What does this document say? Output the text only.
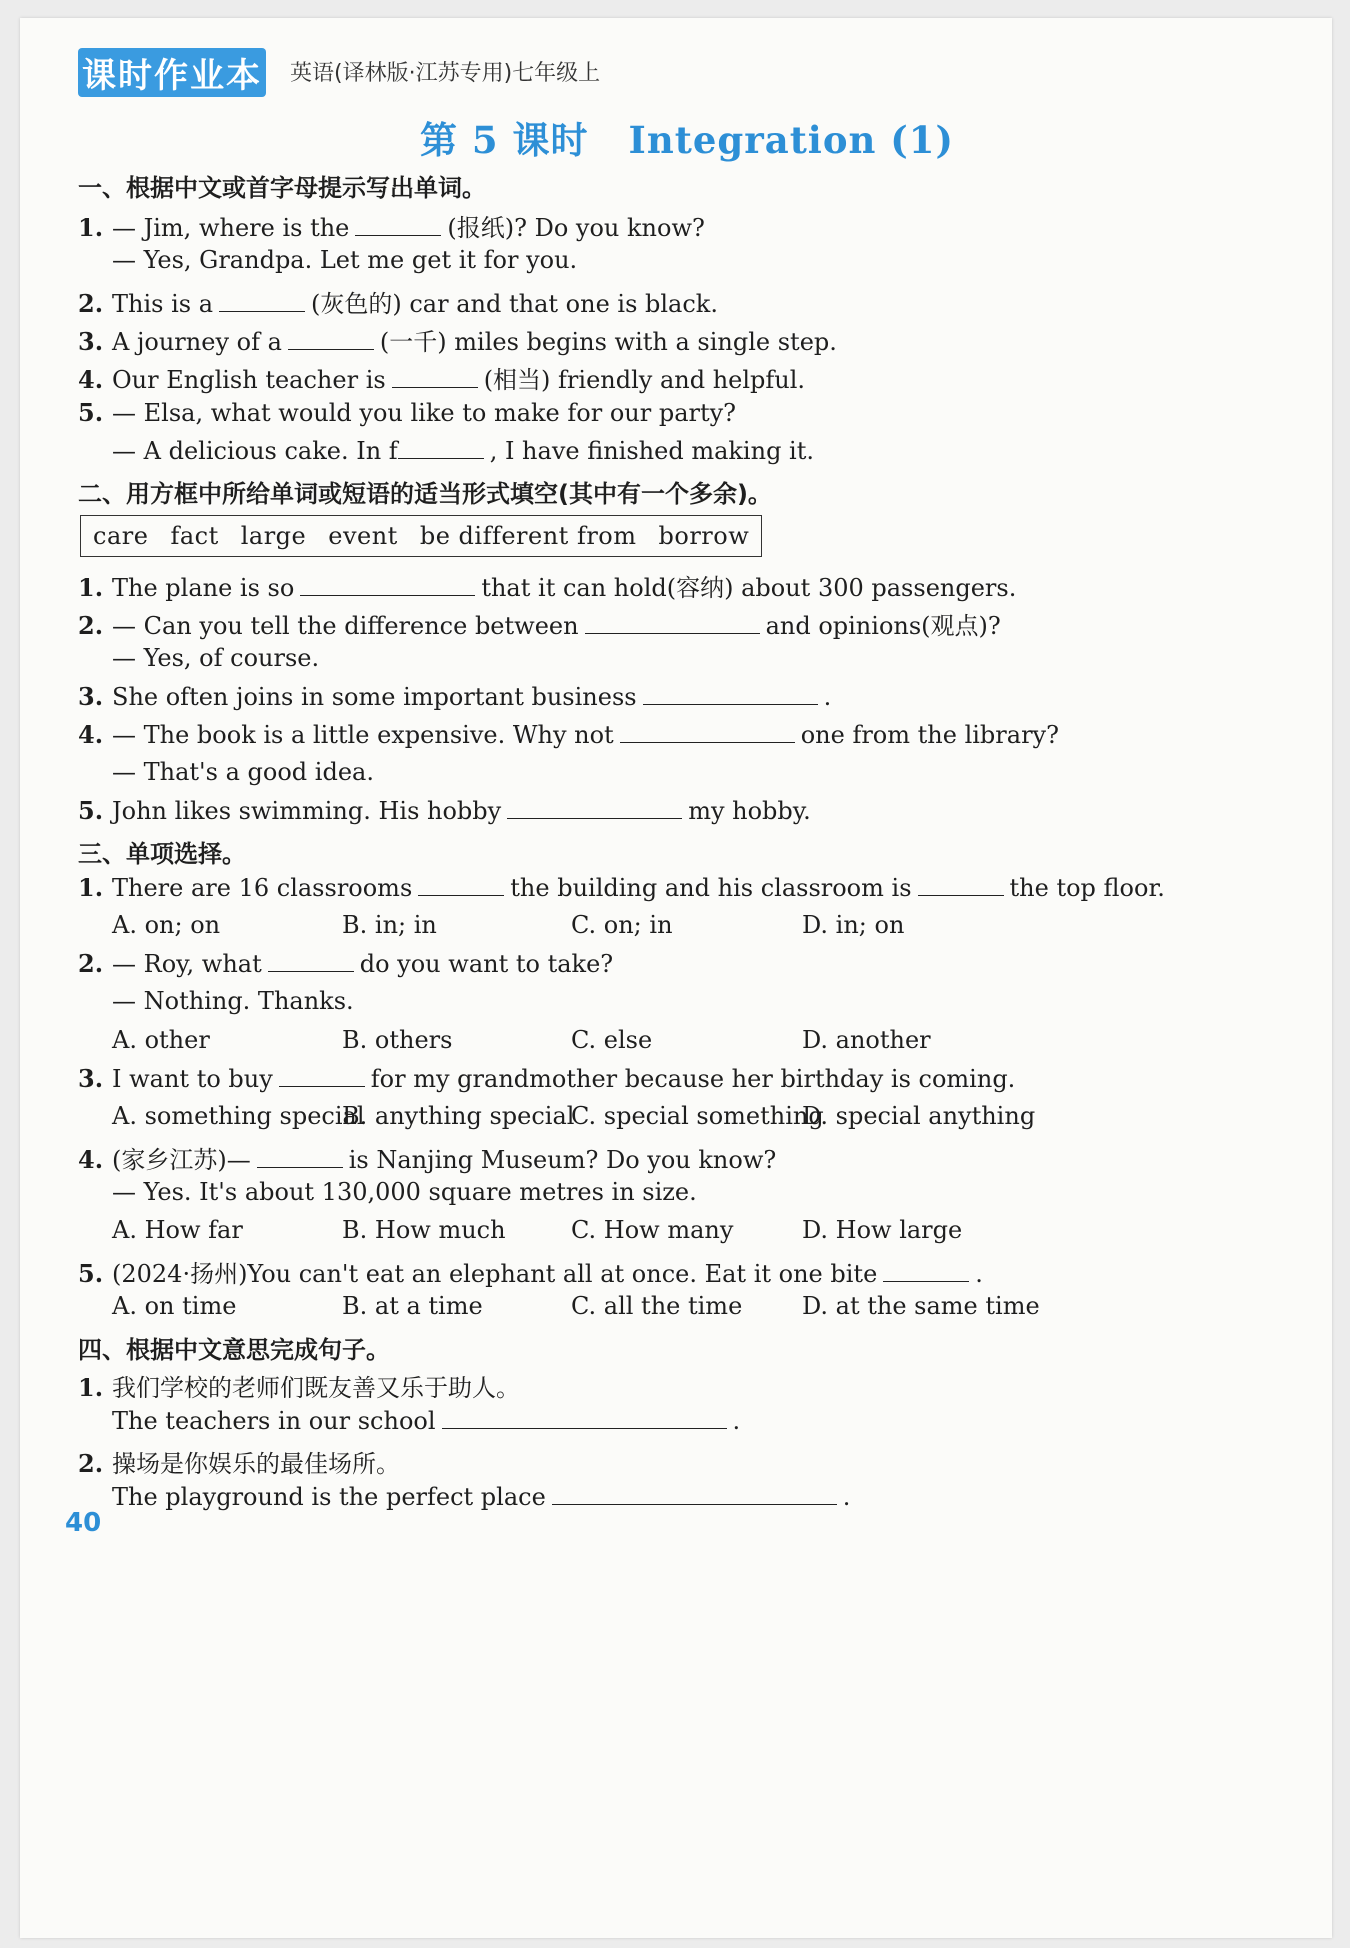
课时作业本 英语(译林版·江苏专用)七年级上
第 5 课时 Integration (1)
一、根据中文或首字母提示写出单词。
1. — Jim, where is the	(报纸)? Do you know?
— Yes, Grandpa. Let me get it for you.
2. This is a	(灰色的) car and that one is black.
3. A journey of a	(一千) miles begins with a single step.
4. Our English teacher is	(相当) friendly and helpful.
5. — Elsa, what would you like to make for our party?
— A delicious cake. In f	, I have finished making it.
二、用方框中所给单词或短语的适当形式填空(其中有一个多余)。
care fact large event be different from borrow
1. The plane is so	that it can hold(容纳) about 300 passengers.
2. — Can you tell the difference between	and opinions(观点)?
— Yes, of course.
3. She often joins in some important business	.
4. — The book is a little expensive. Why not	one from the library?
— That's a good idea.
5. John likes swimming. His hobby	my hobby.
三、单项选择。
1. There are 16 classrooms	the building and his classroom is	the top floor.
A. on; on	B. in; in	C. on; in	D. in; on
2. — Roy, what	do you want to take?
— Nothing. Thanks.
A. other	B. others	C. else	D. another
3. I want to buy	for my grandmother because her birthday is coming.
A. something special
B. anything special
C. special something
D. special anything
4. (家乡江苏)—	is Nanjing Museum? Do you know?
— Yes. It's about 130,000 square metres in size.
A. How far	B. How much	C. How many	D. How large
5. (2024·扬州)You can't eat an elephant all at once. Eat it one bite	.
A. on time	B. at a time	C. all the time D. at the same time
四、根据中文意思完成句子。
1. 我们学校的老师们既友善又乐于助人。
The teachers in our school	.
2. 操场是你娱乐的最佳场所。
The playground is the perfect place	.
40
